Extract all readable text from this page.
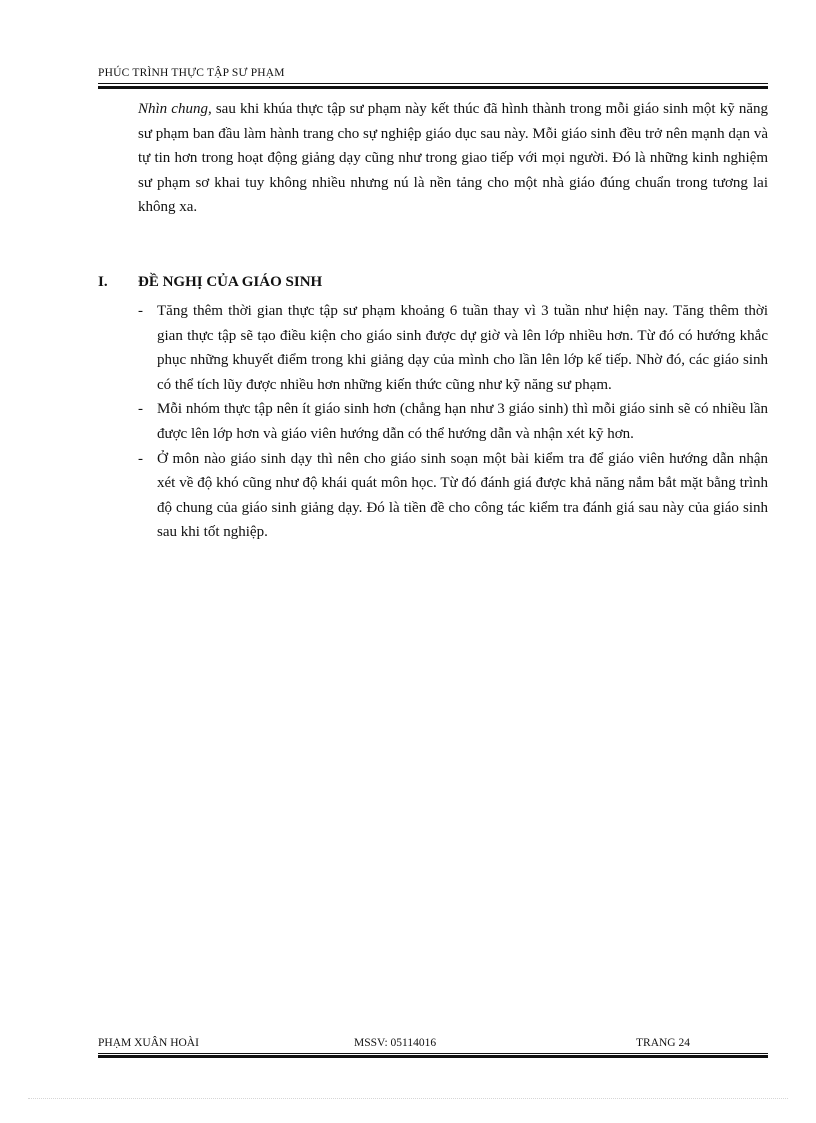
PHÚC TRÌNH THỰC TẬP SƯ PHẠM
Nhìn chung, sau khi khúa thực tập sư phạm này kết thúc đã hình thành trong mỗi giáo sinh một kỹ năng sư phạm ban đầu làm hành trang cho sự nghiệp giáo dục sau này. Mỗi giáo sinh đều trở nên mạnh dạn và tự tin hơn trong hoạt động giảng dạy cũng như trong giao tiếp với mọi người. Đó là những kinh nghiệm sư phạm sơ khai tuy không nhiều nhưng nú là nền tảng cho một nhà giáo đúng chuẩn trong tương lai không xa.
I. ĐỀ NGHỊ CỦA GIÁO SINH
- Tăng thêm thời gian thực tập sư phạm khoảng 6 tuần thay vì 3 tuần như hiện nay. Tăng thêm thời gian thực tập sẽ tạo điều kiện cho giáo sinh được dự giờ và lên lớp nhiều hơn. Từ đó có hướng khắc phục những khuyết điểm trong khi giảng dạy của mình cho lần lên lớp kế tiếp. Nhờ đó, các giáo sinh có thể tích lũy được nhiều hơn những kiến thức cũng như kỹ năng sư phạm.
- Mỗi nhóm thực tập nên ít giáo sinh hơn (chẳng hạn như 3 giáo sinh) thì mỗi giáo sinh sẽ có nhiều lần được lên lớp hơn và giáo viên hướng dẫn có thể hướng dẫn và nhận xét kỹ hơn.
- Ở môn nào giáo sinh dạy thì nên cho giáo sinh soạn một bài kiểm tra để giáo viên hướng dẫn nhận xét về độ khó cũng như độ khái quát môn học. Từ đó đánh giá được khả năng nắm bắt mặt bằng trình độ chung của giáo sinh giảng dạy. Đó là tiền đề cho công tác kiểm tra đánh giá sau này của giáo sinh sau khi tốt nghiệp.
PHẠM XUÂN HOÀI	MSSV: 05114016	TRANG 24
